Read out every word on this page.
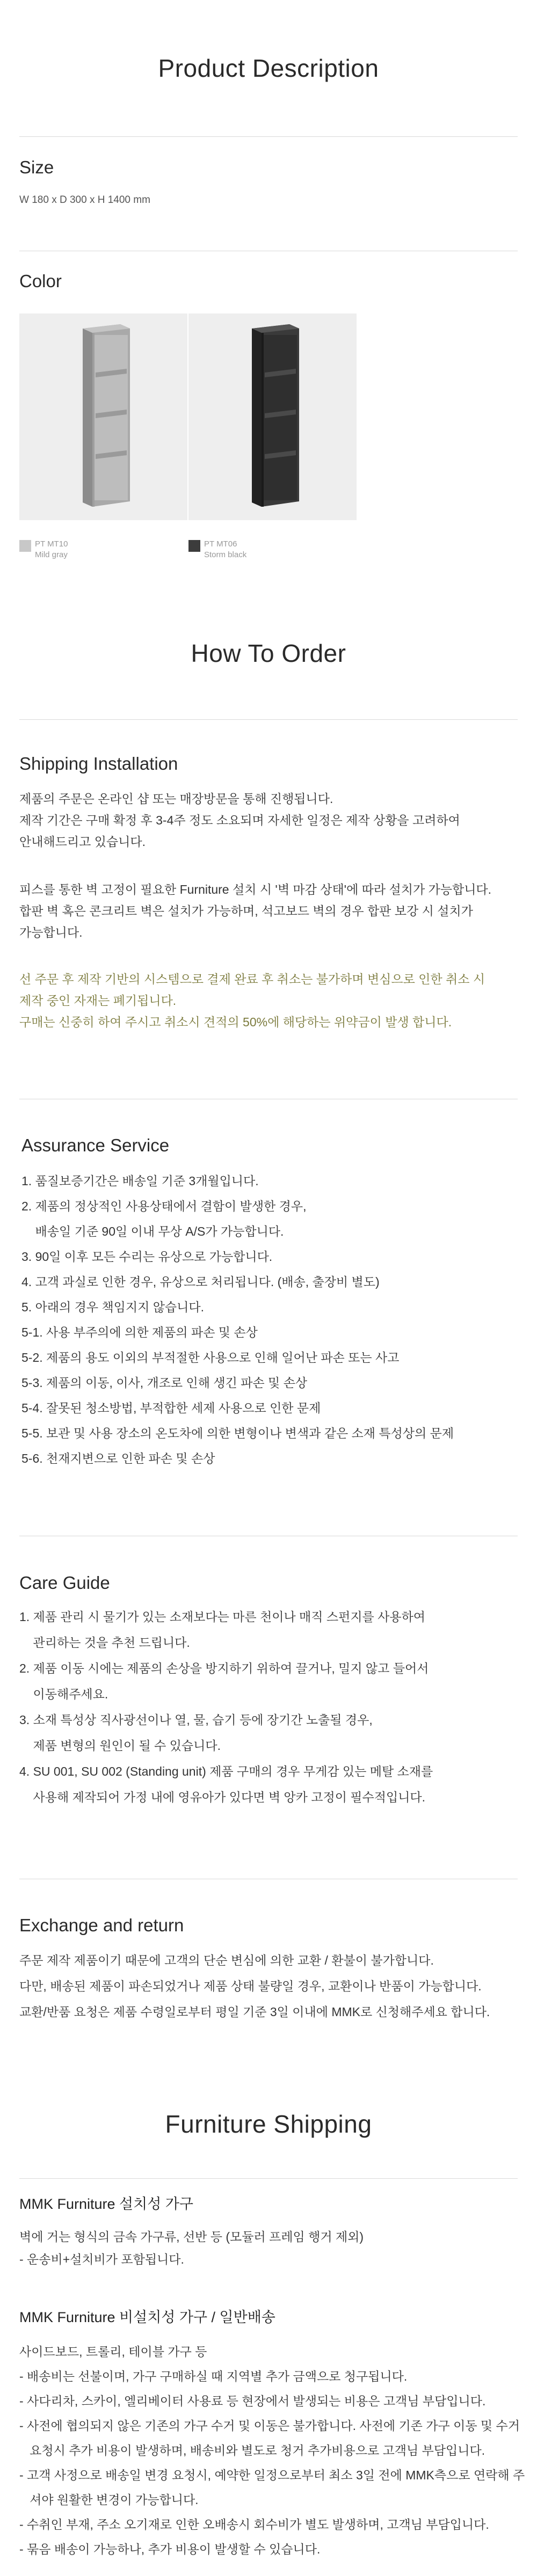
Product Description
Size
W 180 x D 300 x H 1400 mm
Color
PT MT10
Mild gray
PT MT06
Storm black
How To Order
Shipping Installation
제품의 주문은 온라인 샵 또는 매장방문을 통해 진행됩니다.
제작 기간은 구매 확정 후 3-4주 정도 소요되며 자세한 일정은 제작 상황을 고려하여
안내해드리고 있습니다.
피스를 통한 벽 고정이 필요한 Furniture 설치 시 '벽 마감 상태'에 따라 설치가 가능합니다.
합판 벽 혹은 콘크리트 벽은 설치가 가능하며, 석고보드 벽의 경우 합판 보강 시 설치가
가능합니다.
선 주문 후 제작 기반의 시스템으로 결제 완료 후 취소는 불가하며 변심으로 인한 취소 시
제작 중인 자재는 폐기됩니다.
구매는 신중히 하여 주시고 취소시 견적의 50%에 해당하는 위약금이 발생 합니다.
Assurance Service
1. 품질보증기간은 배송일 기준 3개월입니다.
2. 제품의 정상적인 사용상태에서 결함이 발생한 경우,
배송일 기준 90일 이내 무상 A/S가 가능합니다.
3. 90일 이후 모든 수리는 유상으로 가능합니다.
4. 고객 과실로 인한 경우, 유상으로 처리됩니다. (배송, 출장비 별도)
5. 아래의 경우 책임지지 않습니다.
5-1. 사용 부주의에 의한 제품의 파손 및 손상
5-2. 제품의 용도 이외의 부적절한 사용으로 인해 일어난 파손 또는 사고
5-3. 제품의 이동, 이사, 개조로 인해 생긴 파손 및 손상
5-4. 잘못된 청소방법, 부적합한 세제 사용으로 인한 문제
5-5. 보관 및 사용 장소의 온도차에 의한 변형이나 변색과 같은 소재 특성상의 문제
5-6. 천재지변으로 인한 파손 및 손상
Care Guide
1. 제품 관리 시 물기가 있는 소재보다는 마른 천이나 매직 스펀지를 사용하여
관리하는 것을 추천 드립니다.
2. 제품 이동 시에는 제품의 손상을 방지하기 위하여 끌거나, 밀지 않고 들어서
이동해주세요.
3. 소재 특성상 직사광선이나 열, 물, 습기 등에 장기간 노출될 경우,
제품 변형의 원인이 될 수 있습니다.
4. SU 001, SU 002 (Standing unit) 제품 구매의 경우 무게감 있는 메탈 소재를
사용해 제작되어 가정 내에 영유아가 있다면 벽 앙카 고정이 필수적입니다.
Exchange and return
주문 제작 제품이기 때문에 고객의 단순 변심에 의한 교환 / 환불이 불가합니다.
다만, 배송된 제품이 파손되었거나 제품 상태 불량일 경우, 교환이나 반품이 가능합니다.
교환/반품 요청은 제품 수령일로부터 평일 기준 3일 이내에 MMK로 신청해주세요 합니다.
Furniture Shipping
MMK Furniture 설치성 가구
벽에 거는 형식의 금속 가구류, 선반 등 (모듈러 프레임 행거 제외)
- 운송비+설치비가 포함됩니다.
MMK Furniture 비설치성 가구 / 일반배송
사이드보드, 트롤리, 테이블 가구 등
- 배송비는 선불이며, 가구 구매하실 때 지역별 추가 금액으로 청구됩니다.
- 사다리차, 스카이, 엘리베이터 사용료 등 현장에서 발생되는 비용은 고객님 부담입니다.
- 사전에 협의되지 않은 기존의 가구 수거 및 이동은 불가합니다. 사전에 기존 가구 이동 및 수거
요청시 추가 비용이 발생하며, 배송비와 별도로 청거 추가비용으로 고객님 부담입니다.
- 고객 사정으로 배송일 변경 요청시, 예약한 일정으로부터 최소 3일 전에 MMK측으로 연락해 주
셔야 원활한 변경이 가능합니다.
- 수취인 부재, 주소 오기재로 인한 오배송시 회수비가 별도 발생하며, 고객님 부담입니다.
- 묶음 배송이 가능하나, 추가 비용이 발생할 수 있습니다.
